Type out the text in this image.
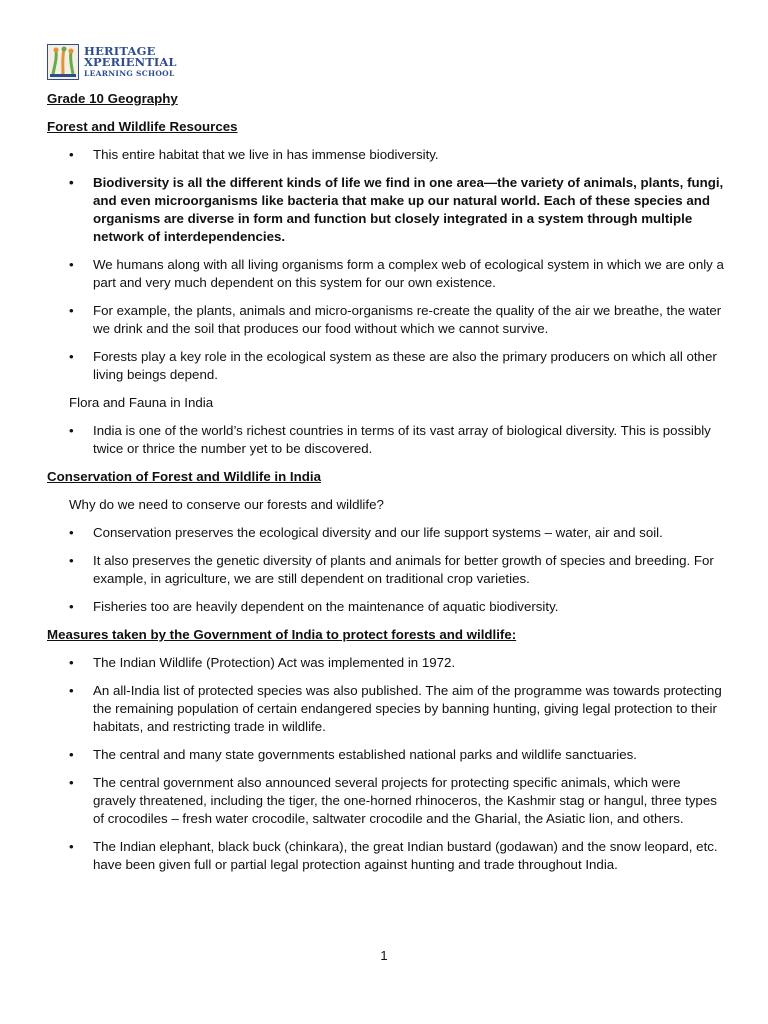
HERITAGE
XPERIENTIAL
LEARNING SCHOOL
Grade 10 Geography
Forest and Wildlife Resources
• This entire habitat that we live in has immense biodiversity.
• Biodiversity is all the different kinds of life we find in one area—the variety of animals, plants, fungi, and even microorganisms like bacteria that make up our natural world. Each of these species and organisms are diverse in form and function but closely integrated in a system through multiple network of interdependencies.
• We humans along with all living organisms form a complex web of ecological system in which we are only a part and very much dependent on this system for our own existence.
• For example, the plants, animals and micro-organisms re-create the quality of the air we breathe, the water we drink and the soil that produces our food without which we cannot survive.
• Forests play a key role in the ecological system as these are also the primary producers on which all other living beings depend.
Flora and Fauna in India
• India is one of the world’s richest countries in terms of its vast array of biological diversity. This is possibly twice or thrice the number yet to be discovered.
Conservation of Forest and Wildlife in India
Why do we need to conserve our forests and wildlife?
• Conservation preserves the ecological diversity and our life support systems – water, air and soil.
• It also preserves the genetic diversity of plants and animals for better growth of species and breeding. For example, in agriculture, we are still dependent on traditional crop varieties.
• Fisheries too are heavily dependent on the maintenance of aquatic biodiversity.
Measures taken by the Government of India to protect forests and wildlife:
• The Indian Wildlife (Protection) Act was implemented in 1972.
• An all-India list of protected species was also published. The aim of the programme was towards protecting the remaining population of certain endangered species by banning hunting, giving legal protection to their habitats, and restricting trade in wildlife.
• The central and many state governments established national parks and wildlife sanctuaries.
• The central government also announced several projects for protecting specific animals, which were gravely threatened, including the tiger, the one-horned rhinoceros, the Kashmir stag or hangul, three types of crocodiles – fresh water crocodile, saltwater crocodile and the Gharial, the Asiatic lion, and others.
• The Indian elephant, black buck (chinkara), the great Indian bustard (godawan) and the snow leopard, etc. have been given full or partial legal protection against hunting and trade throughout India.
1
